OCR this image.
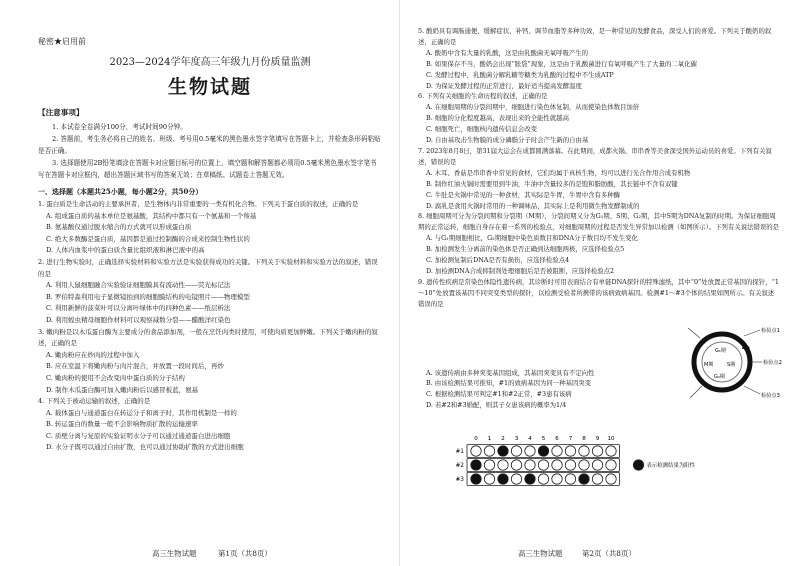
秘密★启用前
2023—2024学年度高三年级九月份质量监测
生物试题
【注意事项】
1. 本试卷全卷满分100分，考试时间90分钟。
2. 答题前，考生务必将自己的姓名、班级、考号用0.5毫米的黑色墨水签字笔填写在答题卡上，并检查条形码粘贴是否正确。
3. 选择题使用2B铅笔填涂在答题卡对应题目标号的位置上，填空题和解答题都必须用0.5毫米黑色墨水签字笔书写在答题卡对应框内，超出答题区域书写的答案无效；在草稿纸、试题卷上答题无效。
一、选择题（本题共25小题，每小题2分，共50分）
1. 蛋白质是生命活动的主要承担者，是生物体内非常重要的一类有机化合物。下列关于蛋白质的叙述，正确的是
A. 组成蛋白质的基本单位是氨基酸，其结构中都只有一个氨基和一个羧基
B. 氨基酸仅通过脱水缩合的方式就可以形成蛋白质
C. 绝大多数酶是蛋白质，基因都是通过控制酶的合成来控制生物性状的
D. 人体内血浆中的蛋白质含量比组织液和淋巴液中的高
2. 进行生物实验时，正确选择实验材料和实验方法是实验获得成功的关键。下列关于实验材料和实验方法的叙述，错误的是
A. 利用人鼠细胞融合实验验证细胞膜具有流动性——荧光标记法
B. 罗伯特森利用电子显微镜拍到的细胞膜结构的电镜照片——物理模型
C. 利用新鲜的菠菜叶可以分离叶绿体中的四种色素——纸层析法
D. 利用蝗虫精母细胞作材料可以观察减数分裂——醋酸洋红染色
3. 嫩肉粉是以木瓜蛋白酶为主要成分的食品添加剂，一般在烹饪肉类时使用，可使肉质更加鲜嫩。下列关于嫩肉粉的叙述，正确的是
A. 嫩肉粉应在炒肉的过程中加入
B. 应在室温下将嫩肉粉与肉片混合，并放置一段时间后，再炒
C. 嫩肉粉的使用不会改变肉中蛋白质的分子结构
D. 制作木瓜蛋白酶可加入嫩肉粉后以感冒板蓝，氨基
4. 下列关于被动运输的叙述，正确的是
A. 载体蛋白与通道蛋白在转运分子和离子时，其作用机制是一样的
B. 转运蛋白的数量一般不会影响物质扩散的运输速率
C. 质壁分离与复原的实验证明水分子可以通过通道蛋白进出细胞
D. 水分子既可以通过自由扩散，也可以通过协助扩散的方式进出细胞
高三生物试题	第1页（共8页）
5. 酸奶具有调肠通便、缓解症状、补钙、调节血脂等多种功效，是一种常见的发酵食品，深受人们的喜爱。下列关于酸奶的叙述，正确的是
A. 酸奶中含有大量的乳酸，这是由乳酸菌无氧呼吸产生的
B. 如果保存不当，酸奶会出现“胀袋”现象，这是由于乳酸菌进行有氧呼吸产生了大量的二氧化碳
C. 发酵过程中，乳酸菌分解乳糖等糖类为乳酸的过程中不生成ATP
D. 为保证发酵过程的正常进行，最好适当提高发酵温度
6. 下列有关细胞的生命历程的叙述，正确的是
A. 在细胞周期的分裂间期中，细胞进行染色体复制，从而使染色体数目加倍
B. 细胞的分化程度越高，表现出来的全能性就越高
C. 细胞死亡，细胞核内遗传信息会改变
D. 自由基攻击生物膜的成分磷脂分子时会产生新的自由基
7. 2023年8月8日，第31届大运会在成都圆满落幕。在此期间，成都火锅、串串香等美食深受国外运动员的喜爱。下列有关叙述，错误的是
A. 木耳、香菇是串串香中常见的食材，它们均属于真核生物，均可以进行光合作用合成有机物
B. 制作红油火锅时需要用到牛油，牛油中含量较多的是饱和脂肪酸，其长链中不含有双键
C. 牛肚是火锅中常见的一种食材，其实际是牛胃，牛胃中含有多种酶
D. 腐乳是食用火锅时常用的一种调味品，其实际上是利用微生物发酵制成的
8. 细胞周期可分为分裂间期和分裂期（M期），分裂间期又分为G₁期、S期、G₂期，其中S期为DNA复制的时期。为保证细胞周期的正常运转，细胞自身存在着一系列的检验点，对细胞周期的过程是否发生异常加以检测（如图所示）。下列有关说法错误的是
A. 与G₁期细胞相比，G₂期细胞中染色质数目和DNA分子数目均不发生变化
B. 加检测发生分离前的染色体是否正确到达细胞两极，应选择检验点5
C. 加检测复制后DNA是否有损伤，应选择检验点4
D. 加检测DNA合成抑制剂处理细胞后是否被阻断，应选择检验点2
9. 遗传性疾病是常染色体隐性遗传病，其诊断时可用表面结合有单链DNA探针的特殊滤纸，其中“0”处放置正常基因的探针，“1～10”处放置该基因不同突变类型的探针，以检测受检者所携带的该病致病基因。检测#1～#3个体的结果如图所示。有关叙述错误的是
A. 该遗传病由多种突变基因组成，其基因突变具有不定向性
B. 由该检测结果可推知，#1的致病基因为同一种基因突变
C. 根据检测结果可判定#1和#2正常，#3患有该病
D. 若#2和#3婚配，则其子女患该病的概率为1/4
检验点1
检验点2
检验点3
G₁期
S期
G₂期
M期
0 1 2 3 4 5 6 7 8 9 10
#1
#2
#3
表示检测结果为阳性
高三生物试题	第2页（共8页）
